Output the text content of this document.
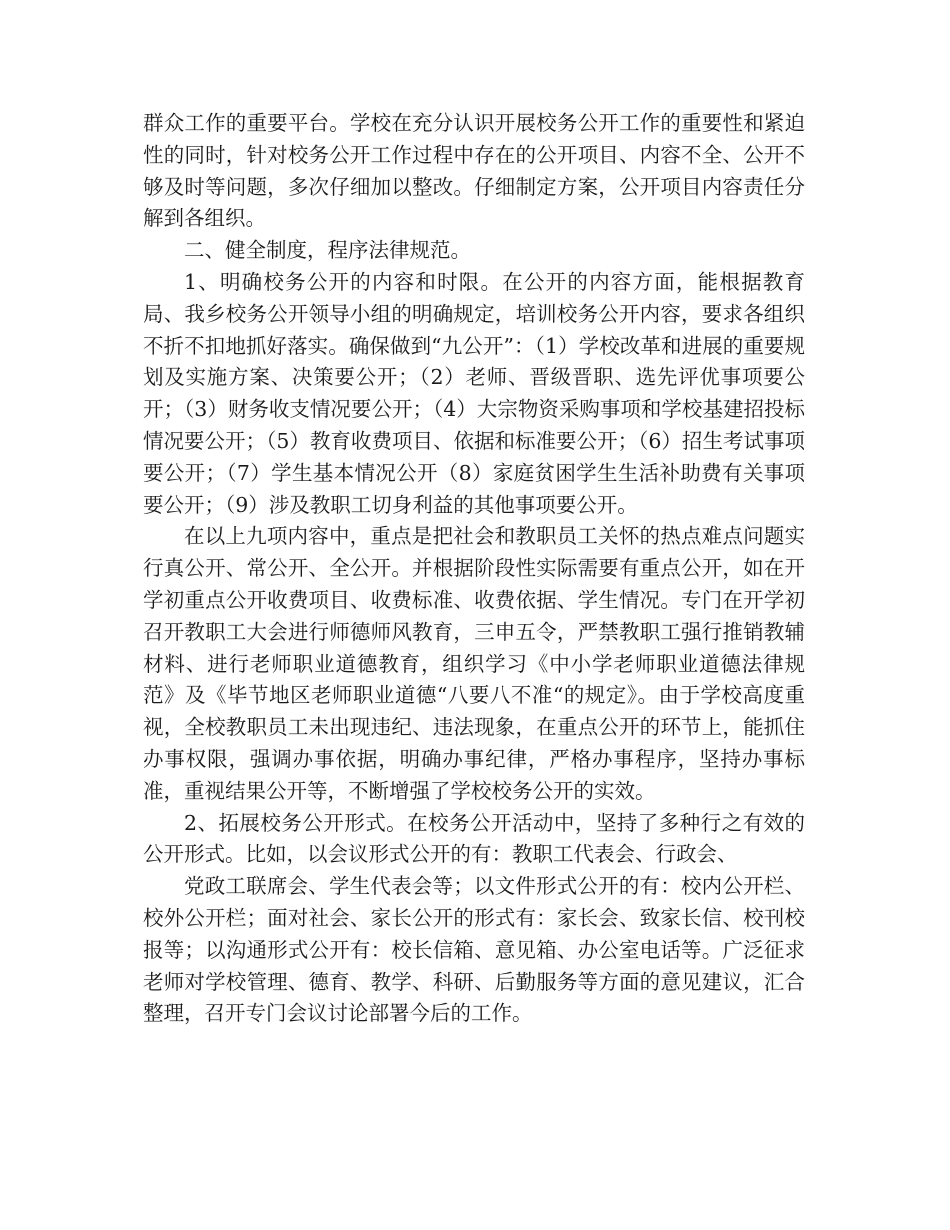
群众工作的重要平台。学校在充分认识开展校务公开工作的重要性和紧迫性的同时，针对校务公开工作过程中存在的公开项目、内容不全、公开不够及时等问题，多次仔细加以整改。仔细制定方案，公开项目内容责任分解到各组织。

二、健全制度，程序法律规范。

1、明确校务公开的内容和时限。在公开的内容方面，能根据教育局、我乡校务公开领导小组的明确规定，培训校务公开内容，要求各组织不折不扣地抓好落实。确保做到“九公开”：（1）学校改革和进展的重要规划及实施方案、决策要公开；（2）老师、晋级晋职、选先评优事项要公开；（3）财务收支情况要公开；（4）大宗物资采购事项和学校基建招投标情况要公开；（5）教育收费项目、依据和标准要公开；（6）招生考试事项要公开；（7）学生基本情况公开（8）家庭贫困学生生活补助费有关事项要公开；（9）涉及教职工切身利益的其他事项要公开。

在以上九项内容中，重点是把社会和教职员工关怀的热点难点问题实行真公开、常公开、全公开。并根据阶段性实际需要有重点公开，如在开学初重点公开收费项目、收费标准、收费依据、学生情况。专门在开学初召开教职工大会进行师德师风教育，三申五令，严禁教职工强行推销教辅材料、进行老师职业道德教育，组织学习《中小学老师职业道德法律规范》及《毕节地区老师职业道德“八要八不准“的规定》。由于学校高度重视，全校教职员工未出现违纪、违法现象，在重点公开的环节上，能抓住办事权限，强调办事依据，明确办事纪律，严格办事程序，坚持办事标准，重视结果公开等，不断增强了学校校务公开的实效。

2、拓展校务公开形式。在校务公开活动中，坚持了多种行之有效的公开形式。比如，以会议形式公开的有：教职工代表会、行政会、

党政工联席会、学生代表会等；以文件形式公开的有：校内公开栏、校外公开栏；面对社会、家长公开的形式有：家长会、致家长信、校刊校报等；以沟通形式公开有：校长信箱、意见箱、办公室电话等。广泛征求老师对学校管理、德育、教学、科研、后勤服务等方面的意见建议，汇合整理，召开专门会议讨论部署今后的工作。
